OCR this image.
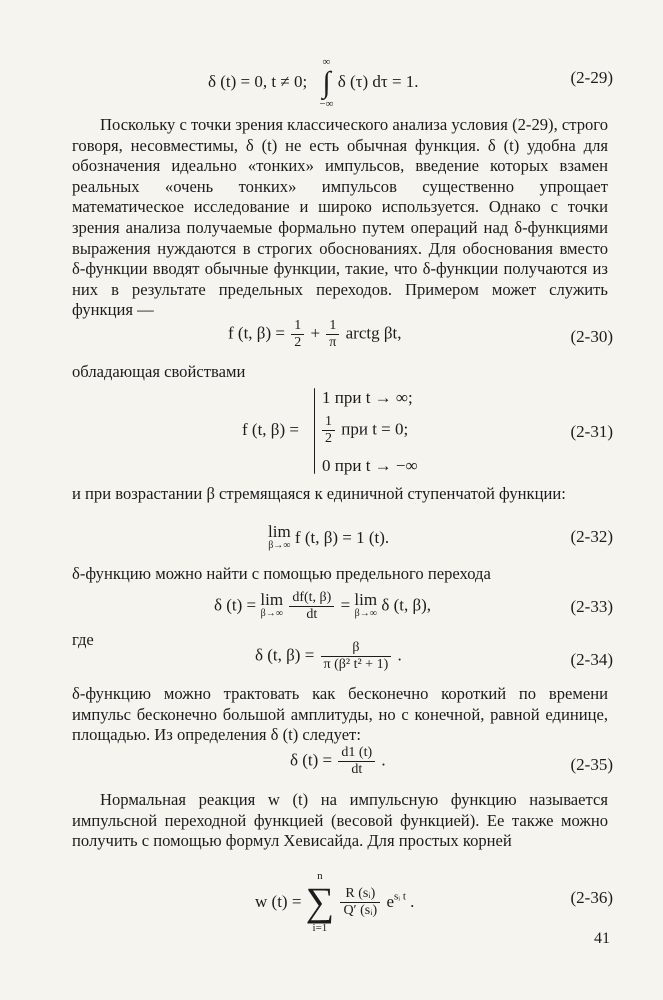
δ (t) = 0, t ≠ 0;
∞
∫
−∞
δ (τ) dτ = 1.	(2-29)
Поскольку с точки зрения классического анализа условия (2-29), строго говоря, несовместимы, δ (t) не есть обычная функция. δ (t) удобна для обозначения идеально «тонких» импульсов, введение которых взамен реальных «очень тонких» импульсов существенно упрощает математическое исследование и широко используется. Однако с точки зрения анализа получаемые формально путем операций над δ-функциями выражения нуждаются в строгих обоснованиях. Для обоснования вместо δ-функции вводят обычные функции, такие, что δ-функции получаются из них в результате предельных переходов. Примером может служить функция —
f (t, $\beta) = \frac{1}{2} + \frac{1}{\pi}$ arctg βt,	(2-30)
обладающая свойствами
f (t, β) =
1 при t → ∞;
$\frac{1}{2}$ при t = 0;
0 при t → −∞
(2-31)
и при возрастании β стремящаяся к единичной ступенчатой функции:
lim
β→∞ f (t, β) = 1 (t).	(2-32)
δ-функцию можно найти с помощью предельного перехода
δ (t) = lim
β→∞
$\frac{df(t, \beta)}{dt} = \lim$
β→∞ δ (t, β),	(2-33)
где
δ (t, $\beta) = \frac{\beta}{\text{π (β² t² + 1)}}$ .	(2-34)
δ-функцию можно трактовать как бесконечно короткий по времени импульс бесконечно большой амплитуды, но с конечной, равной единице, площадью. Из определения δ (t) следует:
δ $(t) = \frac{d1 (t)}{dt}$ .	(2-35)
Нормальная реакция w (t) на импульсную функцию называется импульсной переходной функцией (весовой функцией). Ее также можно получить с помощью формул Хевисайда. Для простых корней
w (t) =
n
∑
i=1

$\frac{\text{R (sᵢ)}}{\text{Q′ (sᵢ)}} e^{sᵢ t}$ .	(2-36)
41
